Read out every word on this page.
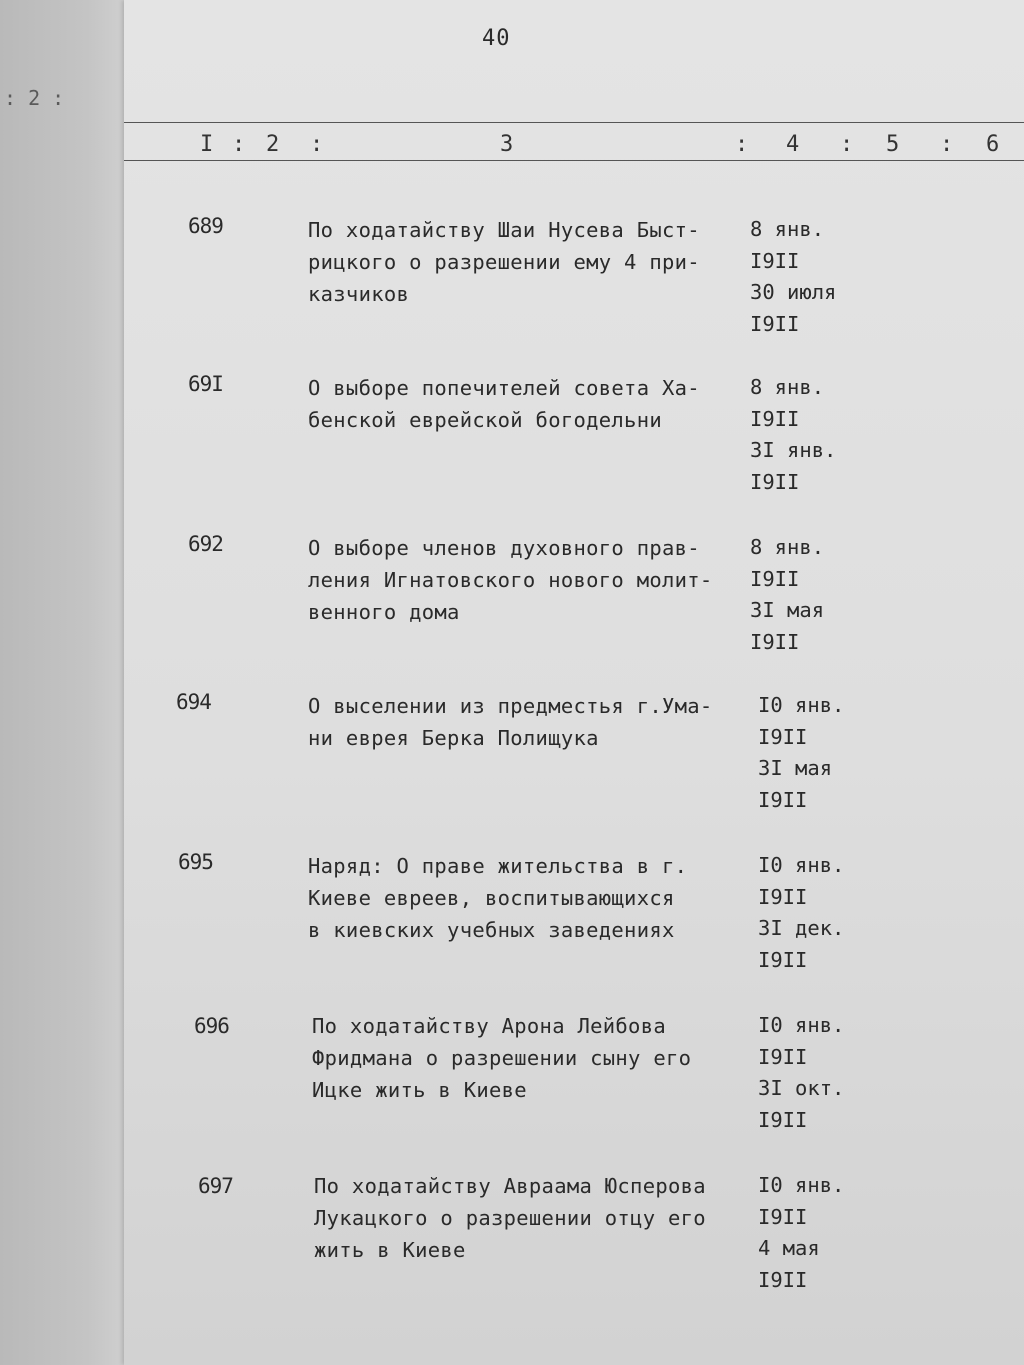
: 2 :
40
I : 2 :	3	: 4 : 5 : 6
689	По ходатайству Шаи Нусева Быст-
рицкого о разрешении ему 4 при-
казчиков
8 янв.
I9II
30 июля
I9II
69I	О выборе попечителей совета Ха-
бенской еврейской богодельни
8 янв.
I9II
3I янв.
I9II
692	О выборе членов духовного прав-
ления Игнатовского нового молит-
венного дома
8 янв.
I9II
3I мая
I9II
694	О выселении из предместья г.Ума-
ни еврея Берка Полищука
I0 янв.
I9II
3I мая
I9II
695	Наряд: О праве жительства в г.
Киеве евреев, воспитывающихся
в киевских учебных заведениях
I0 янв.
I9II
3I дек.
I9II
696	По ходатайству Арона Лейбова
Фридмана о разрешении сыну его
Ицке жить в Киеве
I0 янв.
I9II
3I окт.
I9II
697	По ходатайству Авраама Юсперова
Лукацкого о разрешении отцу его
жить в Киеве
I0 янв.
I9II
4 мая
I9II
